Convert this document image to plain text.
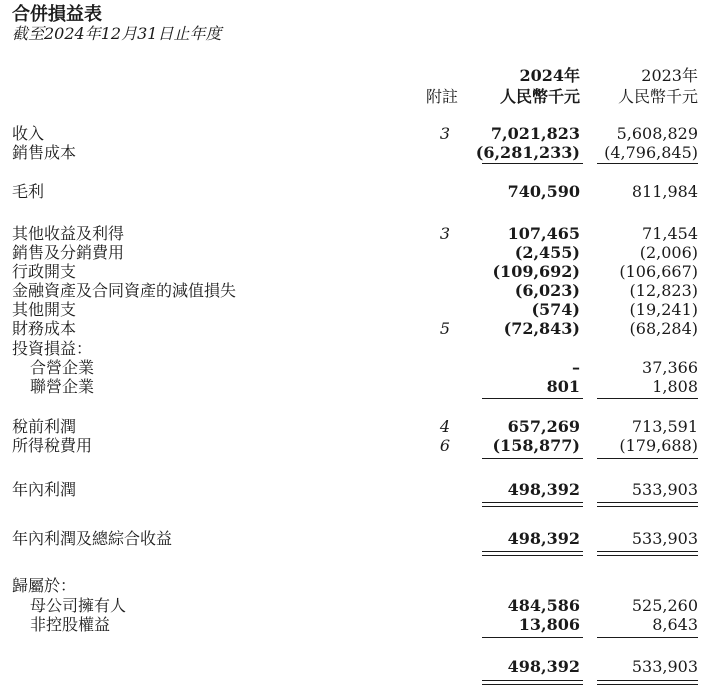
合併損益表
截至2024年12月31日止年度
附註
2024年
人民幣千元
2023年
人民幣千元
收入	3	7,021,823 5,608,829
銷售成本	(6,281,233) (4,796,845)
毛利	740,590	811,984
其他收益及利得	3	107,465	71,454
銷售及分銷費用	(2,455)	(2,006)
行政開支	(109,692) (106,667)
金融資產及合同資產的減值損失	(6,023)	(12,823)
其他開支	(574)	(19,241)
財務成本	5	(72,843)	(68,284)
投資損益：
合營企業	–	37,366
聯營企業	801	1,808
稅前利潤	4	657,269	713,591
所得稅費用	6	(158,877) (179,688)
年內利潤	498,392	533,903
年內利潤及總綜合收益	498,392	533,903
歸屬於：
母公司擁有人	484,586	525,260
非控股權益	13,806	8,643
498,392	533,903
